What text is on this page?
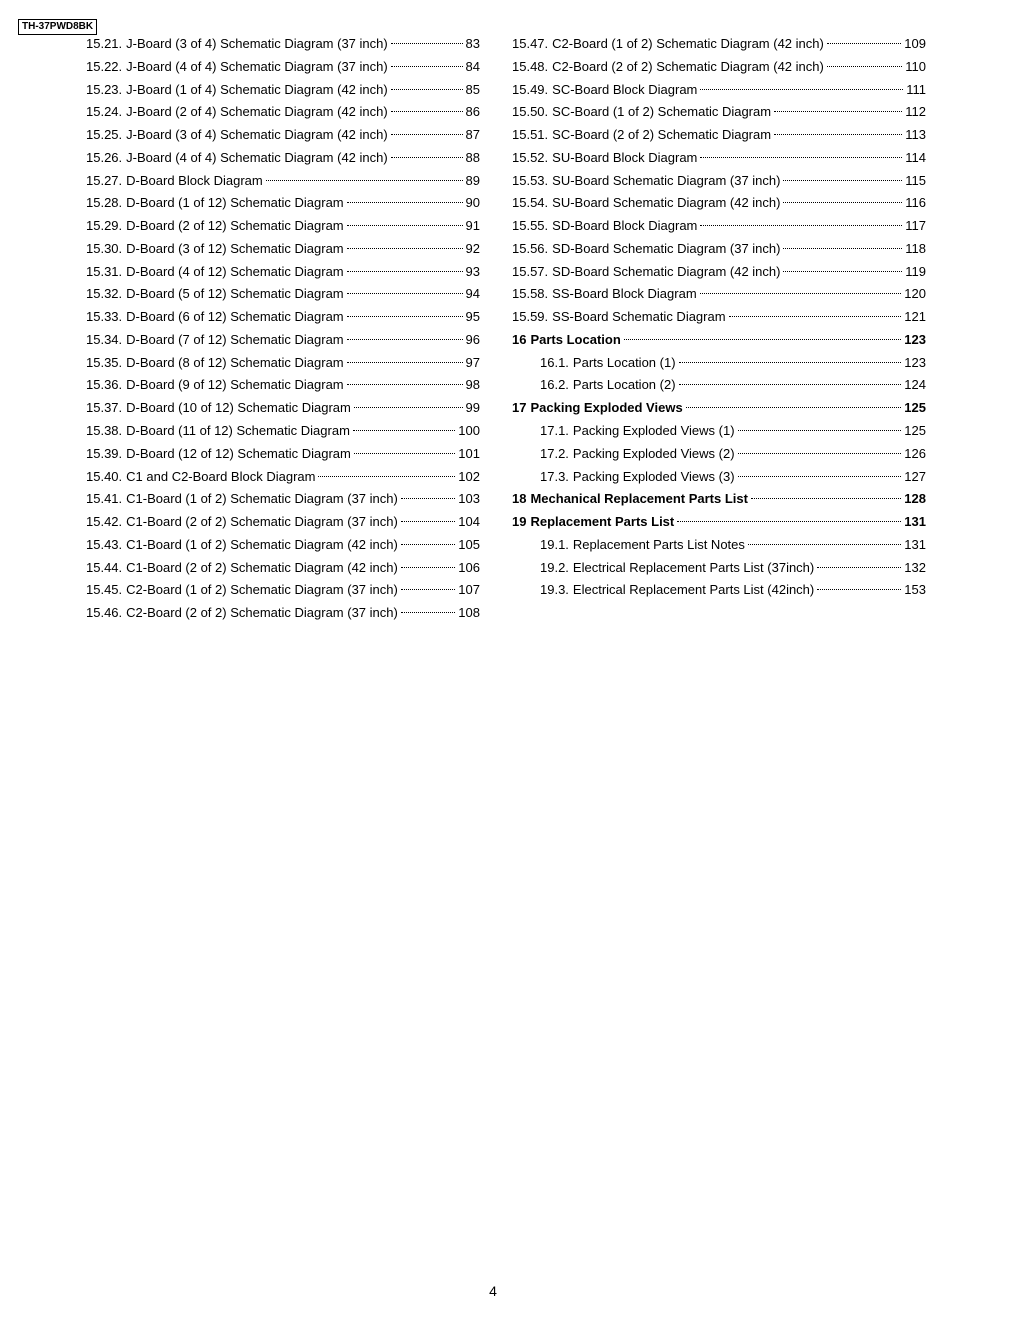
TH-37PWD8BK
15.21. J-Board (3 of 4) Schematic Diagram (37 inch)	83
15.22. J-Board (4 of 4) Schematic Diagram (37 inch)	84
15.23. J-Board (1 of 4) Schematic Diagram (42 inch)	85
15.24. J-Board (2 of 4) Schematic Diagram (42 inch)	86
15.25. J-Board (3 of 4) Schematic Diagram (42 inch)	87
15.26. J-Board (4 of 4) Schematic Diagram (42 inch)	88
15.27. D-Board Block Diagram	89
15.28. D-Board (1 of 12) Schematic Diagram	90
15.29. D-Board (2 of 12) Schematic Diagram	91
15.30. D-Board (3 of 12) Schematic Diagram	92
15.31. D-Board (4 of 12) Schematic Diagram	93
15.32. D-Board (5 of 12) Schematic Diagram	94
15.33. D-Board (6 of 12) Schematic Diagram	95
15.34. D-Board (7 of 12) Schematic Diagram	96
15.35. D-Board (8 of 12) Schematic Diagram	97
15.36. D-Board (9 of 12) Schematic Diagram	98
15.37. D-Board (10 of 12) Schematic Diagram	99
15.38. D-Board (11 of 12) Schematic Diagram	100
15.39. D-Board (12 of 12) Schematic Diagram	101
15.40. C1 and C2-Board Block Diagram	102
15.41. C1-Board (1 of 2) Schematic Diagram (37 inch)	103
15.42. C1-Board (2 of 2) Schematic Diagram (37 inch)	104
15.43. C1-Board (1 of 2) Schematic Diagram (42 inch)	105
15.44. C1-Board (2 of 2) Schematic Diagram (42 inch)	106
15.45. C2-Board (1 of 2) Schematic Diagram (37 inch)	107
15.46. C2-Board (2 of 2) Schematic Diagram (37 inch)	108
15.47. C2-Board (1 of 2) Schematic Diagram (42 inch)	109
15.48. C2-Board (2 of 2) Schematic Diagram (42 inch)	110
15.49. SC-Board Block Diagram	111
15.50. SC-Board (1 of 2) Schematic Diagram	112
15.51. SC-Board (2 of 2) Schematic Diagram	113
15.52. SU-Board Block Diagram	114
15.53. SU-Board Schematic Diagram (37 inch)	115
15.54. SU-Board Schematic Diagram (42 inch)	116
15.55. SD-Board Block Diagram	117
15.56. SD-Board Schematic Diagram (37 inch)	118
15.57. SD-Board Schematic Diagram (42 inch)	119
15.58. SS-Board Block Diagram	120
15.59. SS-Board Schematic Diagram	121
16 Parts Location	123
16.1. Parts Location (1)	123
16.2. Parts Location (2)	124
17 Packing Exploded Views	125
17.1. Packing Exploded Views (1)	125
17.2. Packing Exploded Views (2)	126
17.3. Packing Exploded Views (3)	127
18 Mechanical Replacement Parts List	128
19 Replacement Parts List	131
19.1. Replacement Parts List Notes	131
19.2. Electrical Replacement Parts List (37inch)	132
19.3. Electrical Replacement Parts List (42inch)	153
4
